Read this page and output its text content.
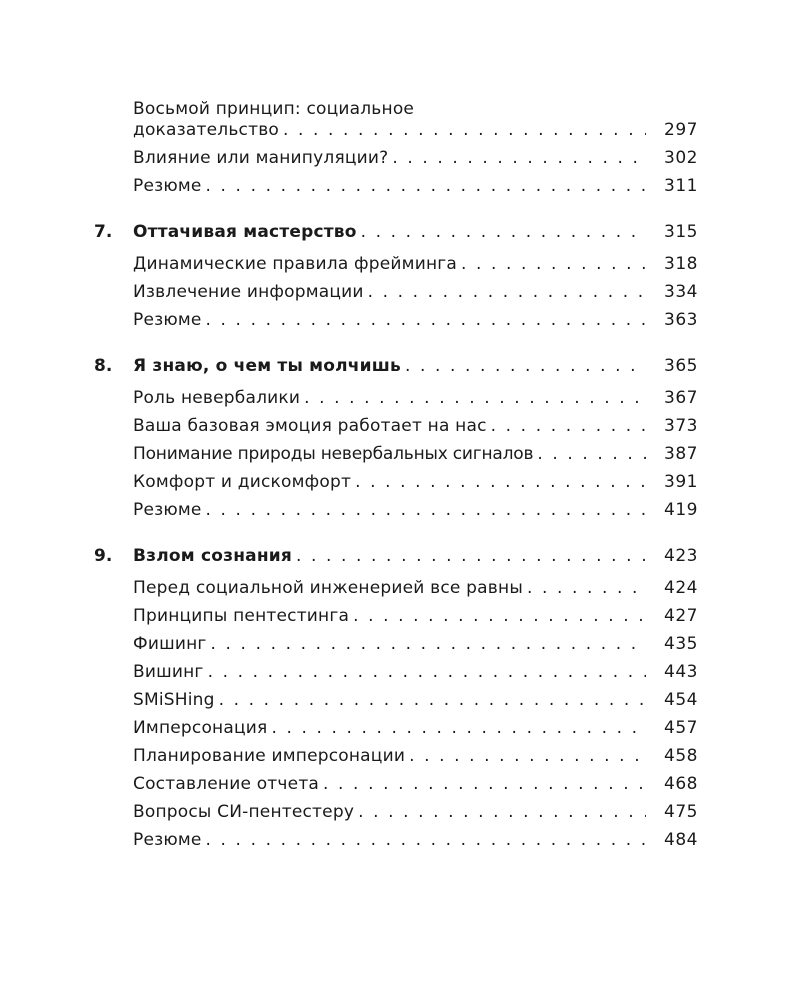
Восьмой принцип: социальное
доказательство . . .	297
Влияние или манипуляции? . . .	302
Резюме . . .	311
7. Оттачивая мастерство . . .	315
Динамические правила фрейминга . . .	318
Извлечение информации . . .	334
Резюме . . .	363
8. Я знаю, о чем ты молчишь . . .	365
Роль невербалики . . .	367
Ваша базовая эмоция работает на нас . . .	373
Понимание природы невербальных сигналов . . .	387
Комфорт и дискомфорт . . .	391
Резюме . . .	419
9. Взлом сознания . . .	423
Перед социальной инженерией все равны . . .	424
Принципы пентестинга . . .	427
Фишинг . . .	435
Вишинг . . .	443
SMiSHing . . .	454
Имперсонация . . .	457
Планирование имперсонации . . .	458
Составление отчета . . .	468
Вопросы СИ-пентестеру . . .	475
Резюме . . .	484
